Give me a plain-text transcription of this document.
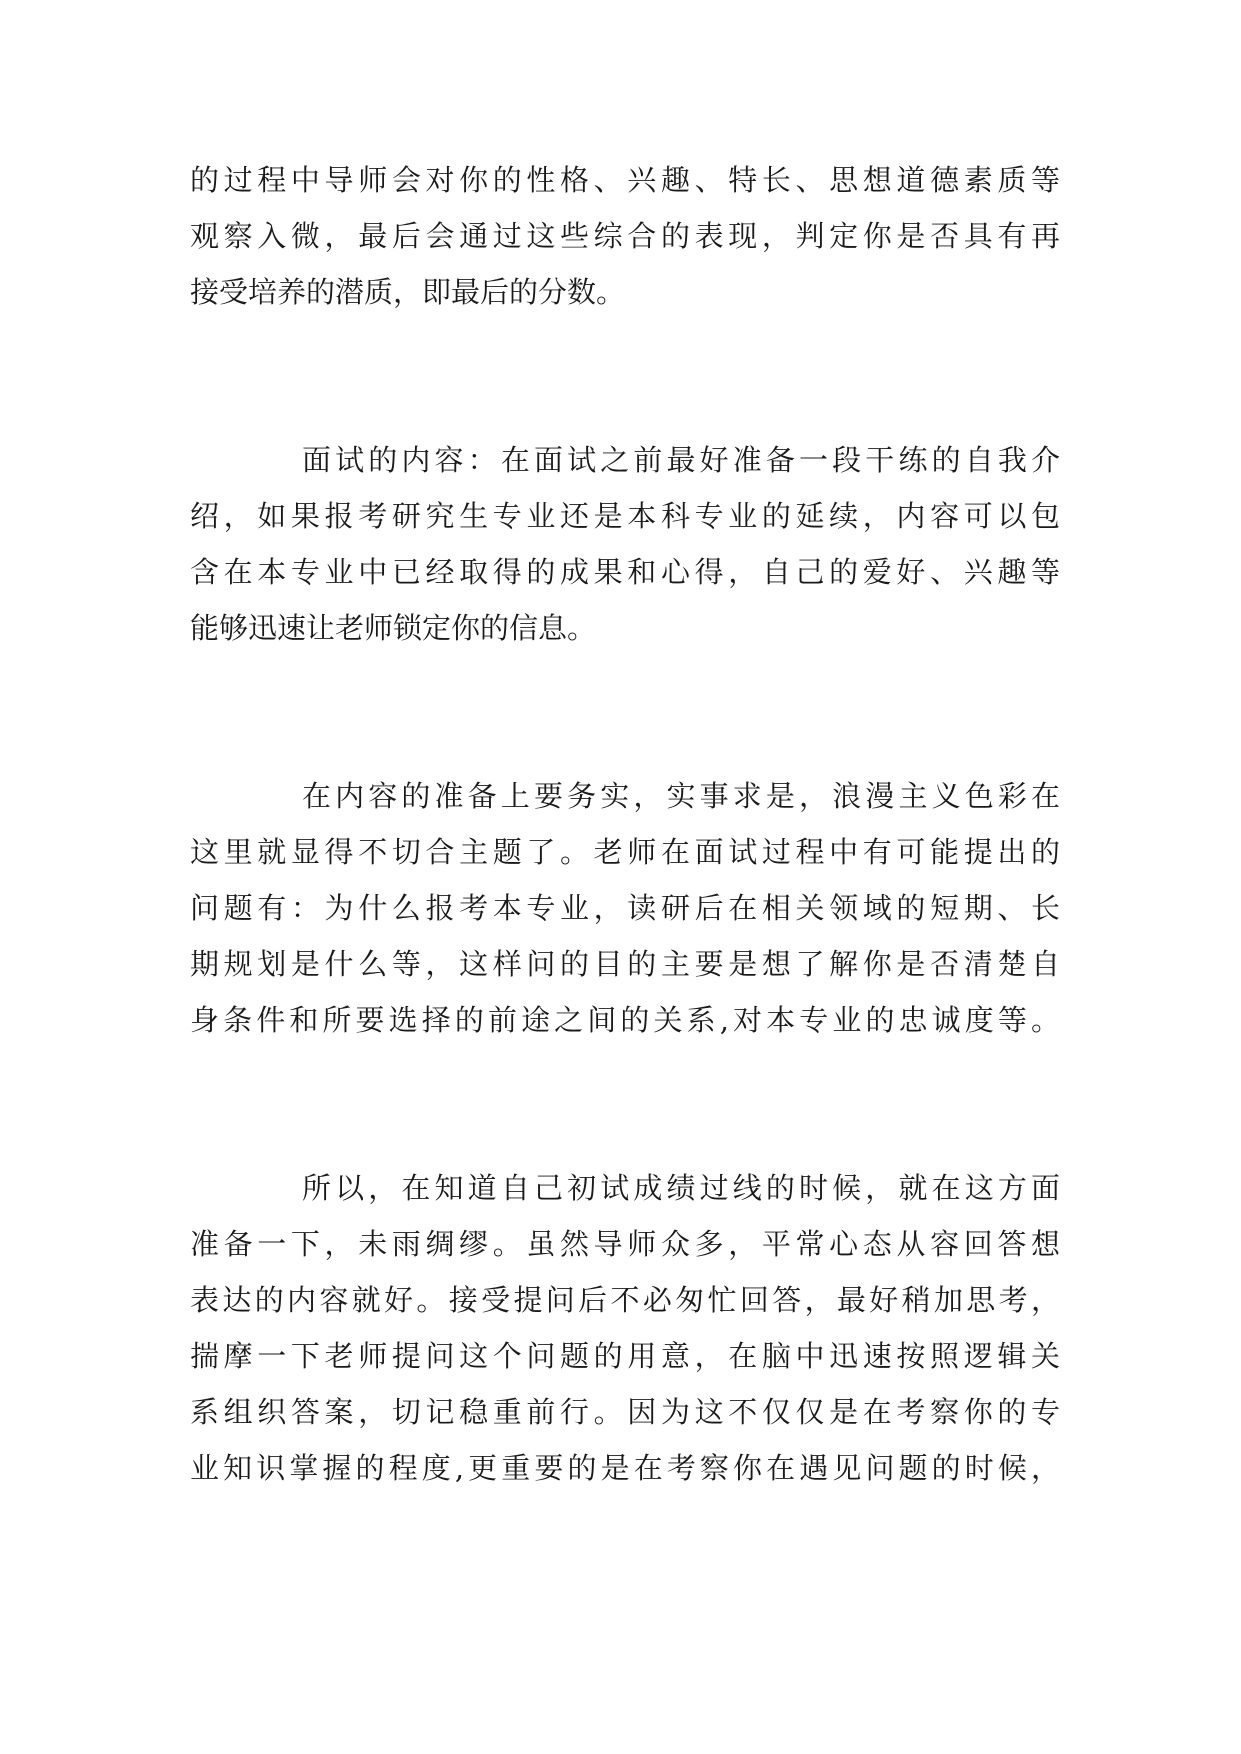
的过程中导师会对你的性格、兴趣、特长、思想道德素质等
观察入微，最后会通过这些综合的表现，判定你是否具有再
接受培养的潜质，即最后的分数。
面试的内容：在面试之前最好准备一段干练的自我介
绍，如果报考研究生专业还是本科专业的延续，内容可以包
含在本专业中已经取得的成果和心得，自己的爱好、兴趣等
能够迅速让老师锁定你的信息。
在内容的准备上要务实，实事求是，浪漫主义色彩在
这里就显得不切合主题了。老师在面试过程中有可能提出的
问题有：为什么报考本专业，读研后在相关领域的短期、长
期规划是什么等，这样问的目的主要是想了解你是否清楚自
身条件和所要选择的前途之间的关系,对本专业的忠诚度等。
所以，在知道自己初试成绩过线的时候，就在这方面
准备一下，未雨绸缪。虽然导师众多，平常心态从容回答想
表达的内容就好。接受提问后不必匆忙回答，最好稍加思考，
揣摩一下老师提问这个问题的用意，在脑中迅速按照逻辑关
系组织答案，切记稳重前行。因为这不仅仅是在考察你的专
业知识掌握的程度,更重要的是在考察你在遇见问题的时候，
